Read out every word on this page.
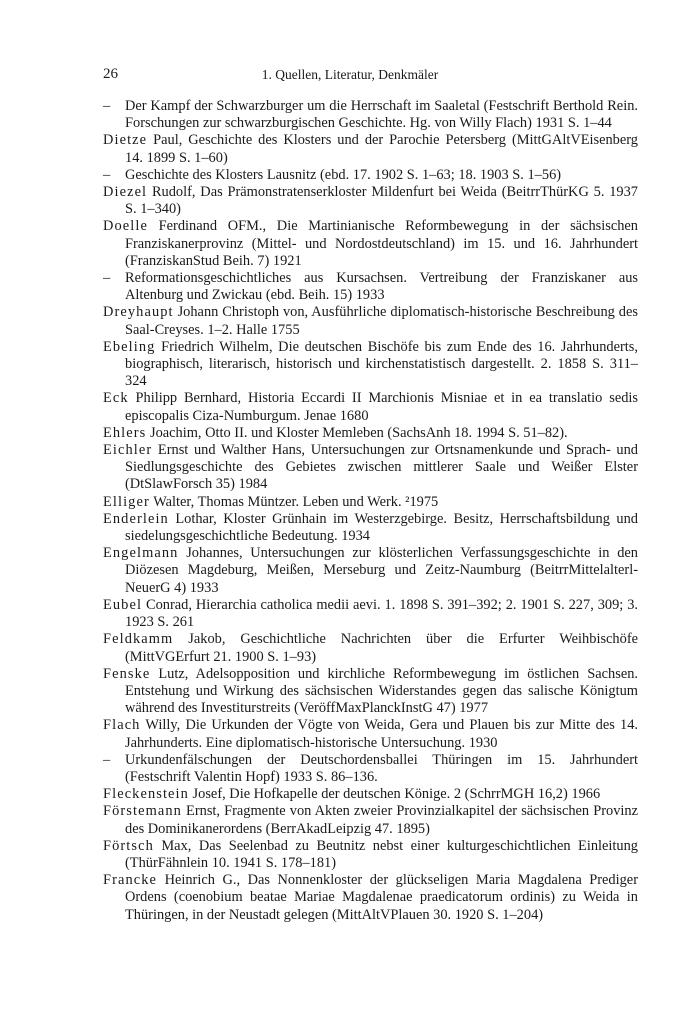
26	1. Quellen, Literatur, Denkmäler

– Der Kampf der Schwarzburger um die Herrschaft im Saaletal (Festschrift Berthold Rein. Forschungen zur schwarzburgischen Geschichte. Hg. von Willy Flach) 1931 S. 1–44

Dietze Paul, Geschichte des Klosters und der Parochie Petersberg (MittGAltVEisenberg 14. 1899 S. 1–60)

– Geschichte des Klosters Lausnitz (ebd. 17. 1902 S. 1–63; 18. 1903 S. 1–56)

Diezel Rudolf, Das Prämonstratenserkloster Mildenfurt bei Weida (BeitrrThürKG 5. 1937 S. 1–340)

Doelle Ferdinand OFM., Die Martinianische Reformbewegung in der sächsischen Franziskanerprovinz (Mittel- und Nordostdeutschland) im 15. und 16. Jahrhundert (FranziskanStud Beih. 7) 1921

– Reformationsgeschichtliches aus Kursachsen. Vertreibung der Franziskaner aus Altenburg und Zwickau (ebd. Beih. 15) 1933

Dreyhaupt Johann Christoph von, Ausführliche diplomatisch-historische Beschreibung des Saal-Creyses. 1–2. Halle 1755

Ebeling Friedrich Wilhelm, Die deutschen Bischöfe bis zum Ende des 16. Jahrhunderts, biographisch, literarisch, historisch und kirchenstatistisch dargestellt. 2. 1858 S. 311–324

Eck Philipp Bernhard, Historia Eccardi II Marchionis Misniae et in ea translatio sedis episcopalis Ciza-Numburgum. Jenae 1680

Ehlers Joachim, Otto II. und Kloster Memleben (SachsAnh 18. 1994 S. 51–82).

Eichler Ernst und Walther Hans, Untersuchungen zur Ortsnamenkunde und Sprach- und Siedlungsgeschichte des Gebietes zwischen mittlerer Saale und Weißer Elster (DtSlawForsch 35) 1984

Elliger Walter, Thomas Müntzer. Leben und Werk. ²1975

Enderlein Lothar, Kloster Grünhain im Westerzgebirge. Besitz, Herrschaftsbildung und siedelungsgeschichtliche Bedeutung. 1934

Engelmann Johannes, Untersuchungen zur klösterlichen Verfassungsgeschichte in den Diözesen Magdeburg, Meißen, Merseburg und Zeitz-Naumburg (BeitrrMittelalterl-NeuerG 4) 1933

Eubel Conrad, Hierarchia catholica medii aevi. 1. 1898 S. 391–392; 2. 1901 S. 227, 309; 3. 1923 S. 261

Feldkamm Jakob, Geschichtliche Nachrichten über die Erfurter Weihbischöfe (MittVGErfurt 21. 1900 S. 1–93)

Fenske Lutz, Adelsopposition und kirchliche Reformbewegung im östlichen Sachsen. Entstehung und Wirkung des sächsischen Widerstandes gegen das salische Königtum während des Investiturstreits (VeröffMaxPlanckInstG 47) 1977

Flach Willy, Die Urkunden der Vögte von Weida, Gera und Plauen bis zur Mitte des 14. Jahrhunderts. Eine diplomatisch-historische Untersuchung. 1930

– Urkundenfälschungen der Deutschordensballei Thüringen im 15. Jahrhundert (Festschrift Valentin Hopf) 1933 S. 86–136.

Fleckenstein Josef, Die Hofkapelle der deutschen Könige. 2 (SchrrMGH 16,2) 1966

Förstemann Ernst, Fragmente von Akten zweier Provinzialkapitel der sächsischen Provinz des Dominikanerordens (BerrAkadLeipzig 47. 1895)

Förtsch Max, Das Seelenbad zu Beutnitz nebst einer kulturgeschichtlichen Einleitung (ThürFähnlein 10. 1941 S. 178–181)

Francke Heinrich G., Das Nonnenkloster der glückseligen Maria Magdalena Prediger Ordens (coenobium beatae Mariae Magdalenae praedicatorum ordinis) zu Weida in Thüringen, in der Neustadt gelegen (MittAltVPlauen 30. 1920 S. 1–204)
